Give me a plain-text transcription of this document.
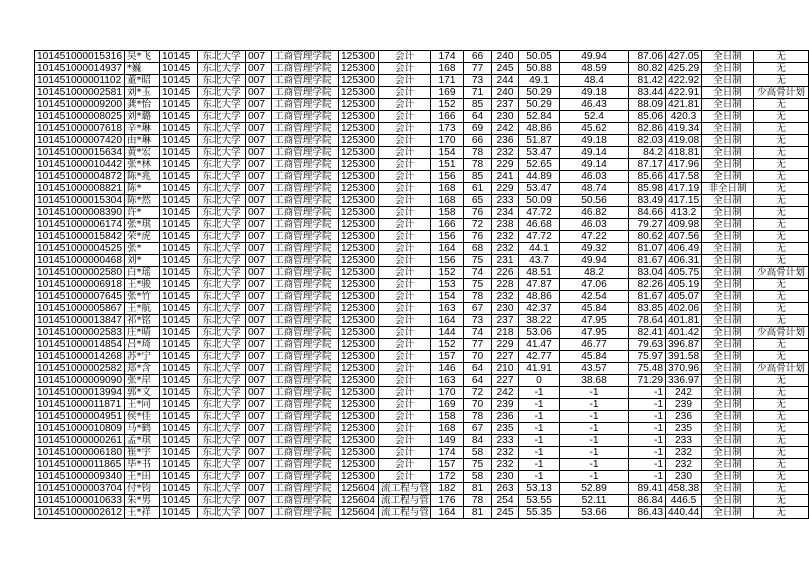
101451000015316	吴*飞	10145	东北大学	007	工商管理学院	125300	会计	174	66	240	50.05	49.94	87.06	427.05	全日制	无
101451000014937	*巍	10145	东北大学	007	工商管理学院	125300	会计	168	77	245	50.88	48.59	80.82	425.29	全日制	无
101451000001102	董*昭	10145	东北大学	007	工商管理学院	125300	会计	171	73	244	49.1	48.4	81.42	422.92	全日制	无
101451000002581	刘*玉	10145	东北大学	007	工商管理学院	125300	会计	169	71	240	50.29	49.18	83.44	422.91	全日制	少高骨计划
101451000009200	龚*怡	10145	东北大学	007	工商管理学院	125300	会计	152	85	237	50.29	46.43	88.09	421.81	全日制	无
101451000008025	刘*璐	10145	东北大学	007	工商管理学院	125300	会计	166	64	230	52.84	52.4	85.06	420.3	全日制	无
101451000007618	辛*琳	10145	东北大学	007	工商管理学院	125300	会计	173	69	242	48.86	45.62	82.86	419.34	全日制	无
101451000007420	由*琳	10145	东北大学	007	工商管理学院	125300	会计	170	66	236	51.87	49.18	82.03	419.08	全日制	无
101451000015634	黄*宏	10145	东北大学	007	工商管理学院	125300	会计	154	78	232	53.47	49.14	84.2	418.81	全日制	无
101451000010442	张*林	10145	东北大学	007	工商管理学院	125300	会计	151	78	229	52.65	49.14	87.17	417.96	全日制	无
101451000004872	陈*兆	10145	东北大学	007	工商管理学院	125300	会计	156	85	241	44.89	46.03	85.66	417.58	全日制	无
101451000008821	陈*	10145	东北大学	007	工商管理学院	125300	会计	168	61	229	53.47	48.74	85.98	417.19	非全日制	无
101451000015304	陈*然	10145	东北大学	007	工商管理学院	125300	会计	168	65	233	50.09	50.56	83.49	417.15	全日制	无
101451000008390	许*	10145	东北大学	007	工商管理学院	125300	会计	158	76	234	47.72	46.82	84.66	413.2	全日制	无
101451000006174	张*琪	10145	东北大学	007	工商管理学院	125300	会计	166	72	238	46.68	46.03	79.27	409.98	全日制	无
101451000015842	荣*虎	10145	东北大学	007	工商管理学院	125300	会计	156	76	232	47.72	47.22	80.62	407.56	全日制	无
101451000004525	张*	10145	东北大学	007	工商管理学院	125300	会计	164	68	232	44.1	49.32	81.07	406.49	全日制	无
101451000000468	刘*	10145	东北大学	007	工商管理学院	125300	会计	156	75	231	43.7	49.94	81.67	406.31	全日制	无
101451000002580	白*瑶	10145	东北大学	007	工商管理学院	125300	会计	152	74	226	48.51	48.2	83.04	405.75	全日制	少高骨计划
101451000006918	王*骏	10145	东北大学	007	工商管理学院	125300	会计	153	75	228	47.87	47.06	82.26	405.19	全日制	无
101451000007645	张*竹	10145	东北大学	007	工商管理学院	125300	会计	154	78	232	48.86	42.54	81.67	405.07	全日制	无
101451000005867	王*航	10145	东北大学	007	工商管理学院	125300	会计	163	67	230	42.37	45.84	83.85	402.06	全日制	无
101451000013847	祁*铭	10145	东北大学	007	工商管理学院	125300	会计	164	73	237	38.22	47.95	78.64	401.81	全日制	无
101451000002583	庄*晴	10145	东北大学	007	工商管理学院	125300	会计	144	74	218	53.06	47.95	82.41	401.42	全日制	少高骨计划
101451000014854	吕*琦	10145	东北大学	007	工商管理学院	125300	会计	152	77	229	41.47	46.77	79.63	396.87	全日制	无
101451000014268	苏*宁	10145	东北大学	007	工商管理学院	125300	会计	157	70	227	42.77	45.84	75.97	391.58	全日制	无
101451000002582	郑*含	10145	东北大学	007	工商管理学院	125300	会计	146	64	210	41.91	43.57	75.48	370.96	全日制	少高骨计划
101451000009090	张*岸	10145	东北大学	007	工商管理学院	125300	会计	163	64	227	0	38.68	71.29	336.97	全日制	无
101451000013994	郭*文	10145	东北大学	007	工商管理学院	125300	会计	170	72	242	-1	-1	-1	242	全日制	无
101451000011871	王*同	10145	东北大学	007	工商管理学院	125300	会计	169	70	239	-1	-1	-1	239	全日制	无
101451000004951	侯*佳	10145	东北大学	007	工商管理学院	125300	会计	158	78	236	-1	-1	-1	236	全日制	无
101451000010809	马*鹤	10145	东北大学	007	工商管理学院	125300	会计	168	67	235	-1	-1	-1	235	全日制	无
101451000000261	孟*琪	10145	东北大学	007	工商管理学院	125300	会计	149	84	233	-1	-1	-1	233	全日制	无
101451000006180	崔*宇	10145	东北大学	007	工商管理学院	125300	会计	174	58	232	-1	-1	-1	232	全日制	无
101451000011865	毕*书	10145	东北大学	007	工商管理学院	125300	会计	157	75	232	-1	-1	-1	232	全日制	无
101451000009340	王*田	10145	东北大学	007	工商管理学院	125300	会计	172	58	230	-1	-1	-1	230	全日制	无
101451000003704	付*钧	10145	东北大学	007	工商管理学院	125604	流工程与管	182	81	263	53.13	52.89	89.41	458.38	全日制	无
101451000010633	朱*男	10145	东北大学	007	工商管理学院	125604	流工程与管	176	78	254	53.55	52.11	86.84	446.5	全日制	无
101451000002612	王*祥	10145	东北大学	007	工商管理学院	125604	流工程与管	164	81	245	55.35	53.66	86.43	440.44	全日制	无
